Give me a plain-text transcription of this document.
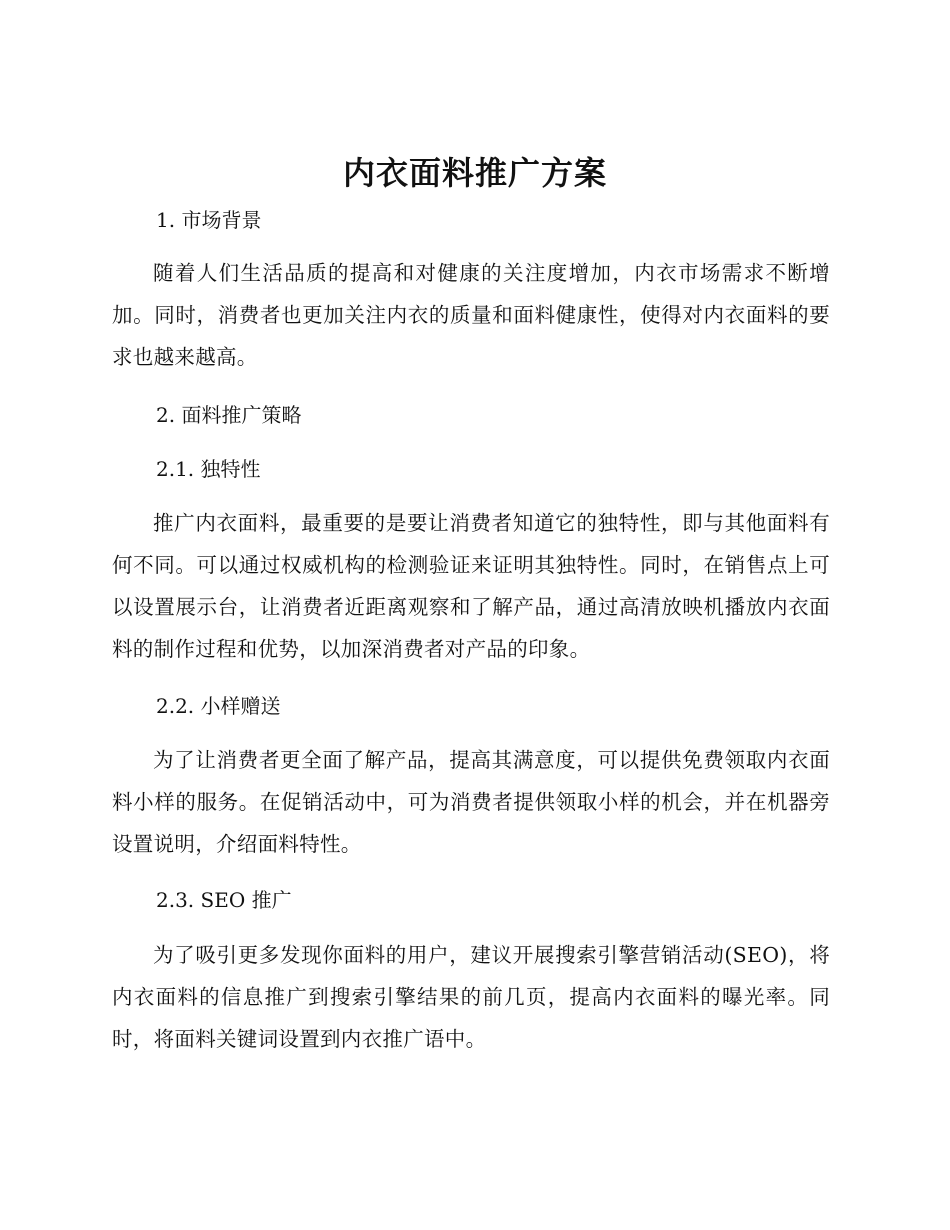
内衣面料推广方案
1. 市场背景

随着人们生活品质的提高和对健康的关注度增加，内衣市场需求不断增加。同时，消费者也更加关注内衣的质量和面料健康性，使得对内衣面料的要求也越来越高。

2. 面料推广策略
2.1. 独特性

推广内衣面料，最重要的是要让消费者知道它的独特性，即与其他面料有何不同。可以通过权威机构的检测验证来证明其独特性。同时，在销售点上可以设置展示台，让消费者近距离观察和了解产品，通过高清放映机播放内衣面料的制作过程和优势，以加深消费者对产品的印象。

2.2. 小样赠送

为了让消费者更全面了解产品，提高其满意度，可以提供免费领取内衣面料小样的服务。在促销活动中，可为消费者提供领取小样的机会，并在机器旁设置说明，介绍面料特性。

2.3. SEO 推广

为了吸引更多发现你面料的用户，建议开展搜索引擎营销活动(SEO)，将内衣面料的信息推广到搜索引擎结果的前几页，提高内衣面料的曝光率。同时，将面料关键词设置到内衣推广语中。
